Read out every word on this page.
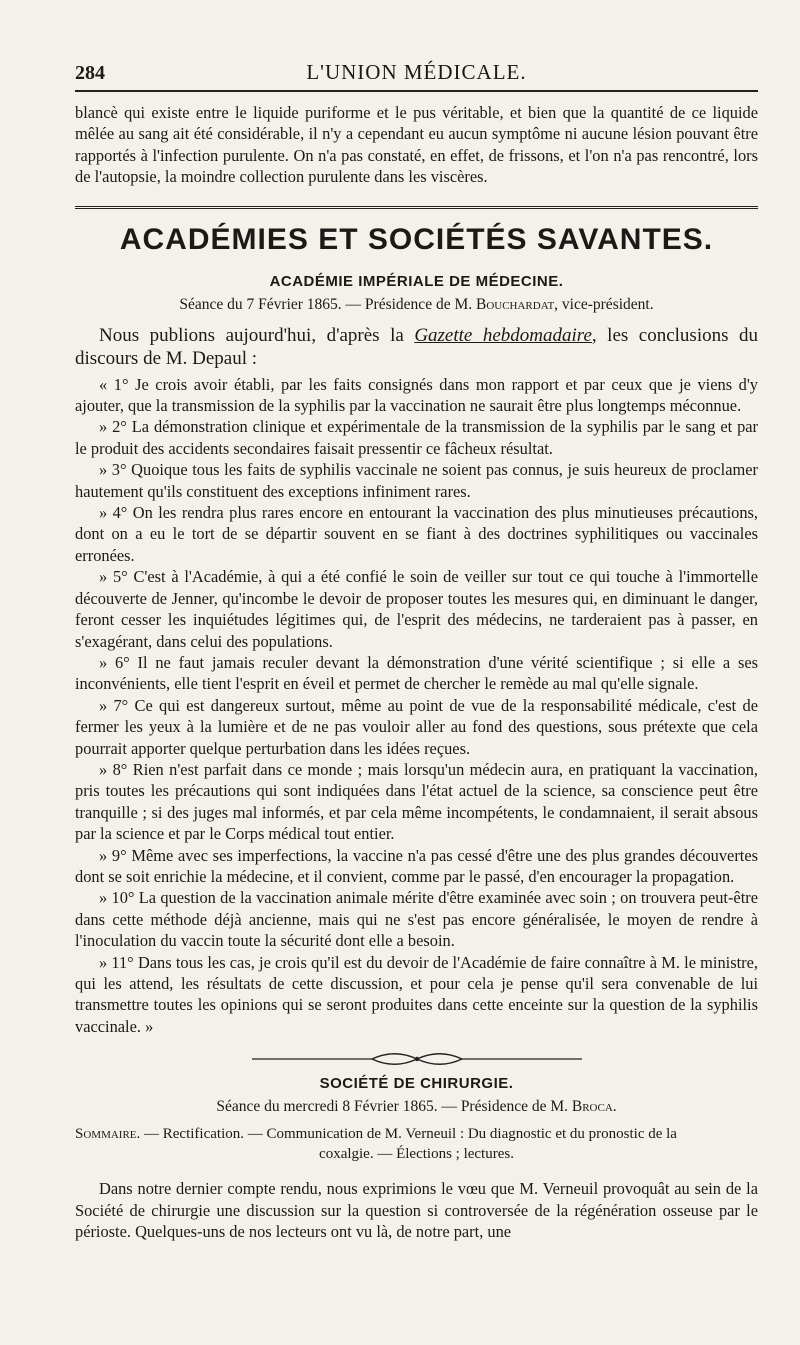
284	L'UNION MÉDICALE.

blancè qui existe entre le liquide puriforme et le pus véritable, et bien que la quantité de ce liquide mêlée au sang ait été considérable, il n'y a cependant eu aucun symptôme ni aucune lésion pouvant être rapportés à l'infection purulente. On n'a pas constaté, en effet, de frissons, et l'on n'a pas rencontré, lors de l'autopsie, la moindre collection purulente dans les viscères.

ACADÉMIES ET SOCIÉTÉS SAVANTES.
ACADÉMIE IMPÉRIALE DE MÉDECINE.
Séance du 7 Février 1865. — Présidence de M. Bouchardat, vice-président.
Nous publions aujourd'hui, d'après la Gazette hebdomadaire, les conclusions du discours de M. Depaul :

« 1° Je crois avoir établi, par les faits consignés dans mon rapport et par ceux que je viens d'y ajouter, que la transmission de la syphilis par la vaccination ne saurait être plus longtemps méconnue.

» 2° La démonstration clinique et expérimentale de la transmission de la syphilis par le sang et par le produit des accidents secondaires faisait pressentir ce fâcheux résultat.

» 3° Quoique tous les faits de syphilis vaccinale ne soient pas connus, je suis heureux de proclamer hautement qu'ils constituent des exceptions infiniment rares.

» 4° On les rendra plus rares encore en entourant la vaccination des plus minutieuses précautions, dont on a eu le tort de se départir souvent en se fiant à des doctrines syphilitiques ou vaccinales erronées.

» 5° C'est à l'Académie, à qui a été confié le soin de veiller sur tout ce qui touche à l'immortelle découverte de Jenner, qu'incombe le devoir de proposer toutes les mesures qui, en diminuant le danger, feront cesser les inquiétudes légitimes qui, de l'esprit des médecins, ne tarderaient pas à passer, en s'exagérant, dans celui des populations.

» 6° Il ne faut jamais reculer devant la démonstration d'une vérité scientifique ; si elle a ses inconvénients, elle tient l'esprit en éveil et permet de chercher le remède au mal qu'elle signale.

» 7° Ce qui est dangereux surtout, même au point de vue de la responsabilité médicale, c'est de fermer les yeux à la lumière et de ne pas vouloir aller au fond des questions, sous prétexte que cela pourrait apporter quelque perturbation dans les idées reçues.

» 8° Rien n'est parfait dans ce monde ; mais lorsqu'un médecin aura, en pratiquant la vaccination, pris toutes les précautions qui sont indiquées dans l'état actuel de la science, sa conscience peut être tranquille ; si des juges mal informés, et par cela même incompétents, le condamnaient, il serait absous par la science et par le Corps médical tout entier.

» 9° Même avec ses imperfections, la vaccine n'a pas cessé d'être une des plus grandes découvertes dont se soit enrichie la médecine, et il convient, comme par le passé, d'en encourager la propagation.

» 10° La question de la vaccination animale mérite d'être examinée avec soin ; on trouvera peut-être dans cette méthode déjà ancienne, mais qui ne s'est pas encore généralisée, le moyen de rendre à l'inoculation du vaccin toute la sécurité dont elle a besoin.

» 11° Dans tous les cas, je crois qu'il est du devoir de l'Académie de faire connaître à M. le ministre, qui les attend, les résultats de cette discussion, et pour cela je pense qu'il sera convenable de lui transmettre toutes les opinions qui se seront produites dans cette enceinte sur la question de la syphilis vaccinale. »

SOCIÉTÉ DE CHIRURGIE.
Séance du mercredi 8 Février 1865. — Présidence de M. Broca.
Sommaire. — Rectification. — Communication de M. Verneuil : Du diagnostic et du pronostic de la
coxalgie. — Élections ; lectures.

Dans notre dernier compte rendu, nous exprimions le vœu que M. Verneuil provoquât au sein de la Société de chirurgie une discussion sur la question si controversée de la régénération osseuse par le périoste. Quelques-uns de nos lecteurs ont vu là, de notre part, une
